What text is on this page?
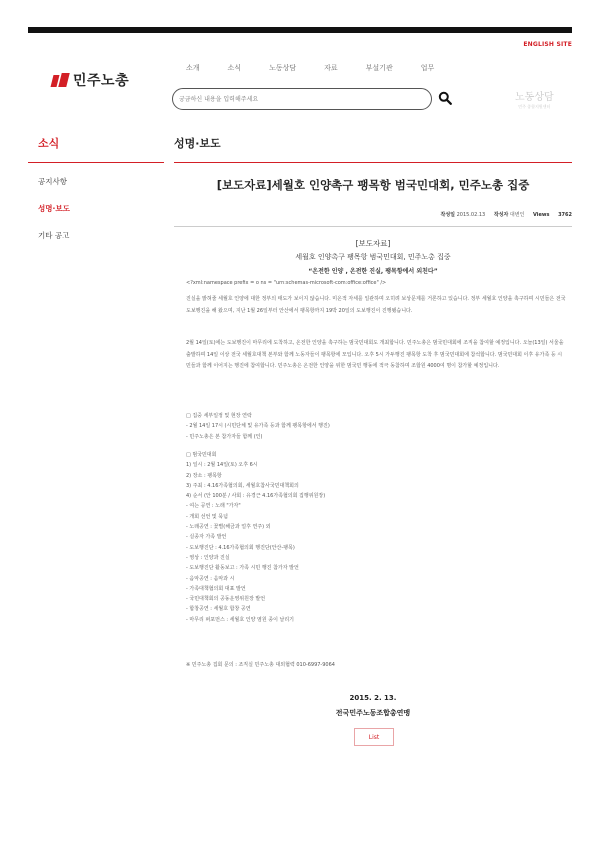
ENGLISH SITE
민주노총
소개	소식	노동상담	자료	부설기관	업무
궁금하신 내용을 입력해주세요
노동상담
민주 종합지원센터
소식
공지사항
성명·보도
기타 공고
성명·보도
[보도자료]세월호 인양촉구 팽목항 범국민대회, 민주노총 집중
작성일 2015.02.13 작성자 대변인 Views 3762
[보도자료]
세월호 인양촉구 팽목항 범국민대회, 민주노총 집중
“온전한 인양 , 온전한 진실, 팽목항에서 외친다”
<?xml:namespace prefix = o ns = "urn:schemas-microsoft-com:office:office" />
진실을 밝혀줄 세월호 인양에 대한 정부의 태도가 보이지 않습니다. 미온적 자세를 일관하며 오히려 보상문제를 거론하고 있습니다. 정부 세월호 인양을 촉구하며 시민들은 전국 도보행진을 해 왔으며, 지난 1월 26일부터 안산에서 팽목항까지 19박 20일의 도보행진이 진행됐습니다.
2월 14일(토)에는 도보행진이 마무리에 도착하고, 온전한 인양을 촉구하는 범국민대회도 개최합니다. 민주노총은 범국민대회에 조직을 참여할 예정입니다. 오늘(13일) 서울을 출발하며 14일 이상 전국 세월호대책 본부와 함께 노동자들이 팽목항에 모입니다. 오후 5시 가두행진 팽목항 도착 후 범국민대회에 참석합니다. 범국민대회 이후 유가족 등 시민들과 함께 이어지는 행진에 참여합니다. 민주노총은 온전한 인양을 위한 범국민 행동에 적극 동참하며 조합원 4000여 명이 참가할 예정입니다.
□ 집중 세부일정 및 현장 연락
- 2월 14일 17시 (시민단체 및 유가족 등과 함께 팽목항에서 행진)
- 민주노총은 본 참가자들 함께 (인)
□ 범국민대회
1) 일시 : 2월 14일(토) 오후 6시
2) 장소 : 팽목항
3) 주최 : 4.16가족협의회, 세월호참사국민대책회의
4) 순서 (안 100분 / 사회 : 유경근 4.16가족협의회 집행위원장)
- 여는 공연 : 노래 "가자"
- 개회 선언 및 묵념
- 노래공연 : 꽃별(해금과 얼후 연주) 외
- 실종자 가족 발언
- 도보행진단 : 4.16가족협의회 행진단(안산-팽목)
- 영상 : 인양과 진실
- 도보행진단 활동보고 : 가족 시민 행진 참가자 발언
- 음악공연 : 음악과 시
- 가족대책협의회 대표 발언
- 국민대책회의 공동운영위원장 발언
- 합창공연 : 세월호 합창 공연
- 마무리 퍼포먼스 : 세월호 인양 염원 종이 날리기
※ 민주노총 집회 문의 : 조직실 민주노총 대외협력 010-6997-9064
2015. 2. 13.
전국민주노동조합총연맹
List
